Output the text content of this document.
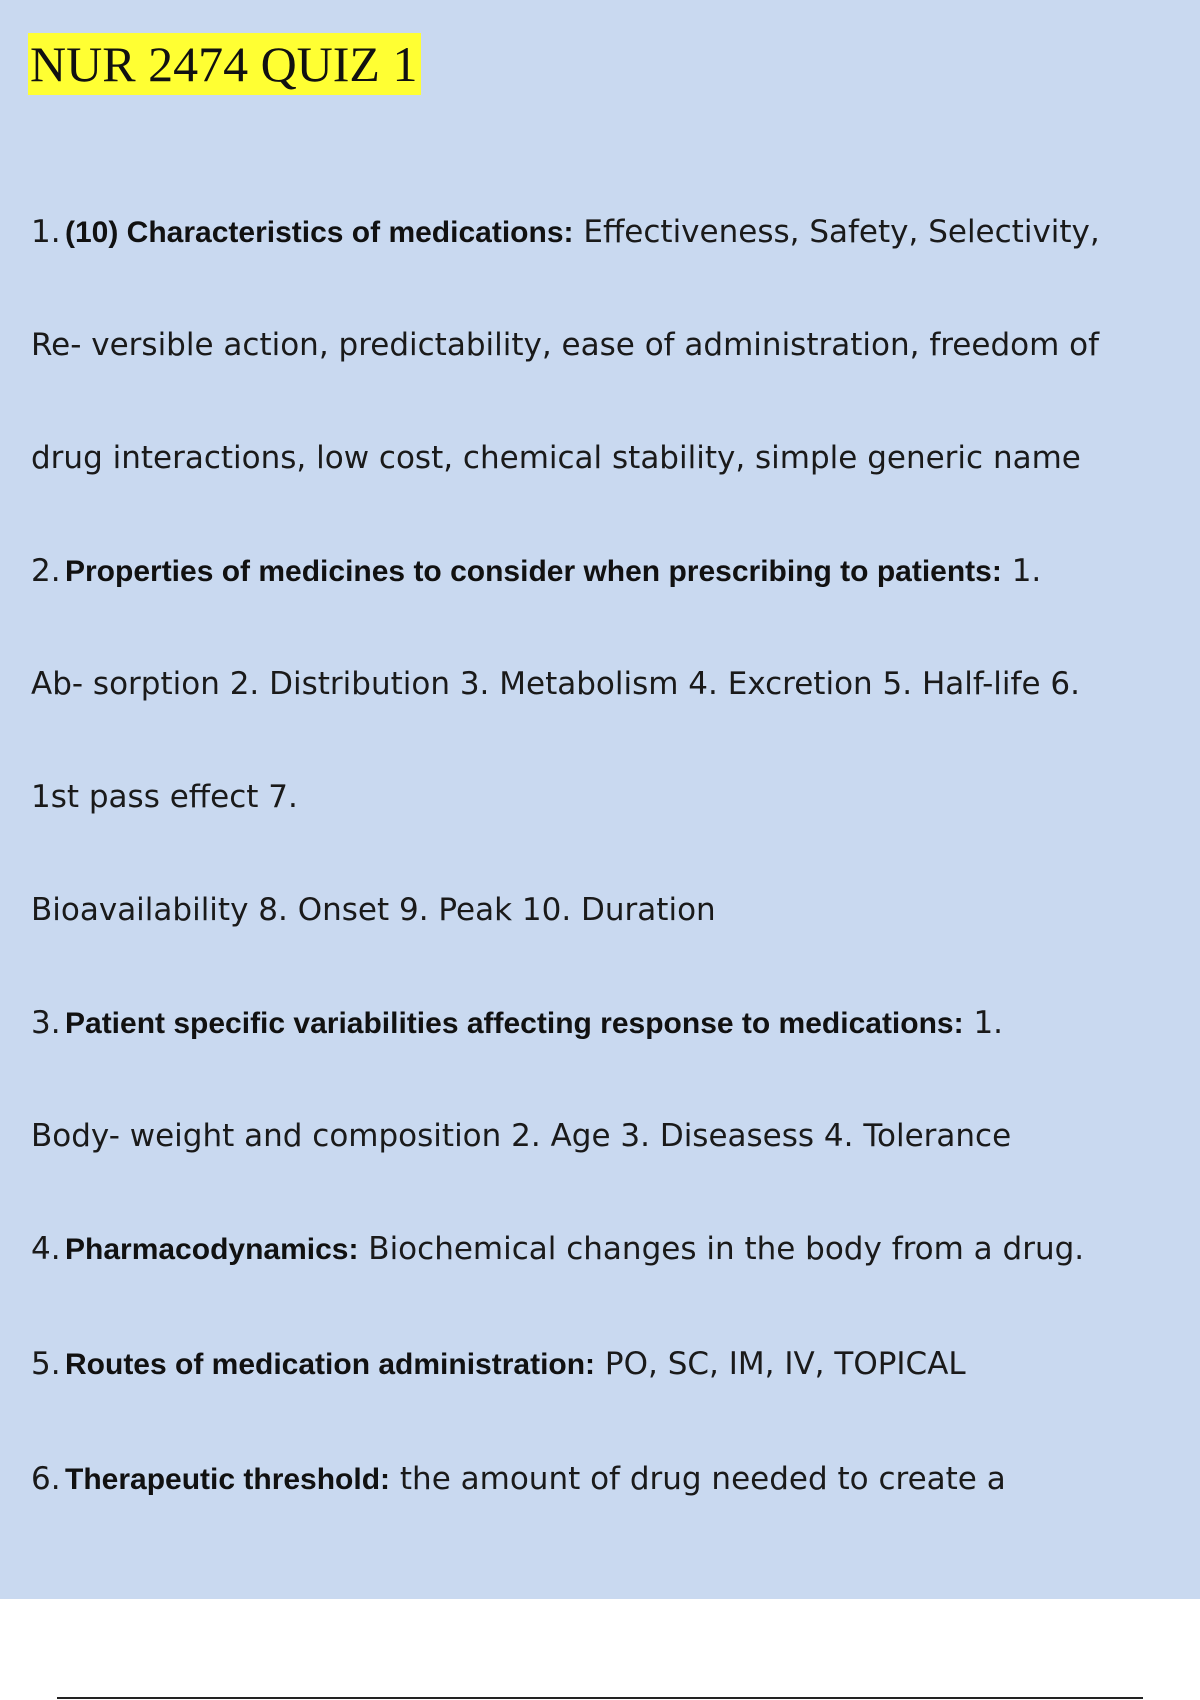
NUR 2474 QUIZ 1

1. (10) Characteristics of medications: Effectiveness, Safety, Selectivity,

Re- versible action, predictability, ease of administration, freedom of

drug interactions, low cost, chemical stability, simple generic name

2. Properties of medicines to consider when prescribing to patients: 1.

Ab- sorption 2. Distribution 3. Metabolism 4. Excretion 5. Half-life 6.

1st pass effect 7.

Bioavailability 8. Onset 9. Peak 10. Duration

3. Patient specific variabilities affecting response to medications: 1.

Body- weight and composition 2. Age 3. Diseasess 4. Tolerance

4. Pharmacodynamics: Biochemical changes in the body from a drug.

5. Routes of medication administration: PO, SC, IM, IV, TOPICAL

6. Therapeutic threshold: the amount of drug needed to create a
